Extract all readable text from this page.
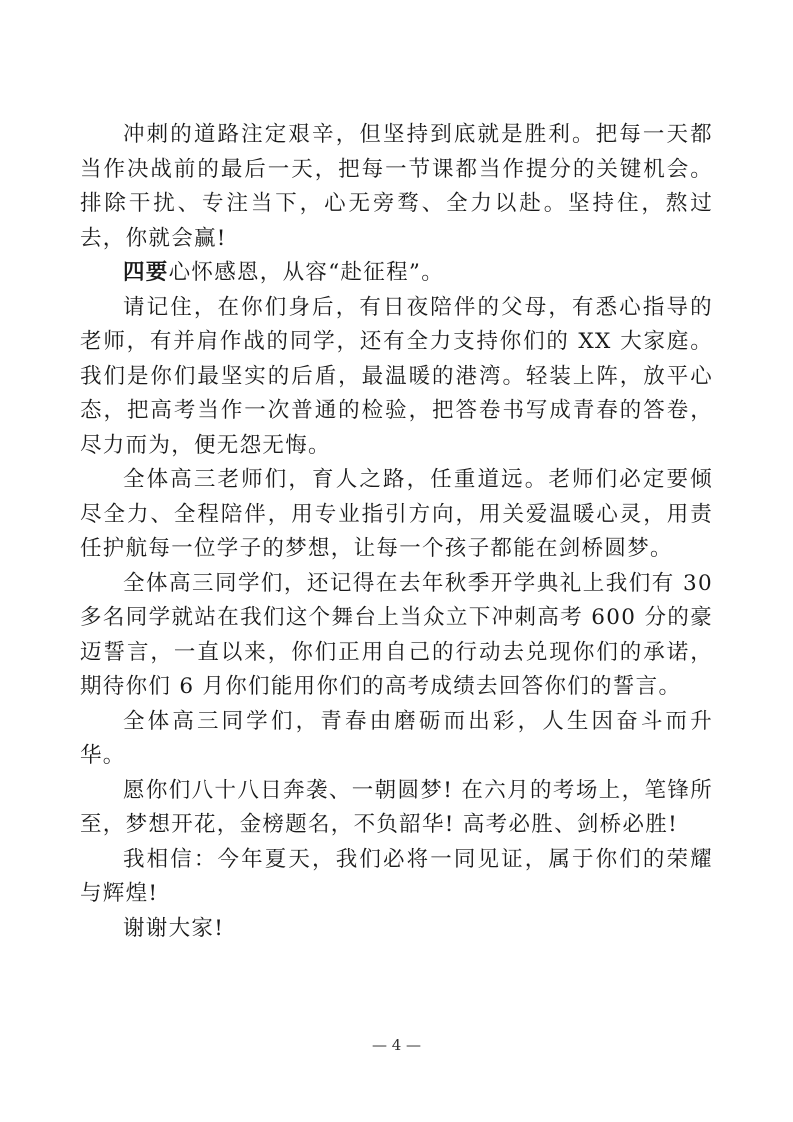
冲刺的道路注定艰辛，但坚持到底就是胜利。把每一天都当作决战前的最后一天，把每一节课都当作提分的关键机会。排除干扰、专注当下，心无旁骛、全力以赴。坚持住，熬过去，你就会赢!

四要心怀感恩，从容“赴征程”。

请记住，在你们身后，有日夜陪伴的父母，有悉心指导的老师，有并肩作战的同学，还有全力支持你们的 XX 大家庭。我们是你们最坚实的后盾，最温暖的港湾。轻装上阵，放平心态，把高考当作一次普通的检验，把答卷书写成青春的答卷，尽力而为，便无怨无悔。

全体高三老师们，育人之路，任重道远。老师们必定要倾尽全力、全程陪伴，用专业指引方向，用关爱温暖心灵，用责任护航每一位学子的梦想，让每一个孩子都能在剑桥圆梦。

全体高三同学们，还记得在去年秋季开学典礼上我们有 30 多名同学就站在我们这个舞台上当众立下冲刺高考 600 分的豪迈誓言，一直以来，你们正用自己的行动去兑现你们的承诺，期待你们 6 月你们能用你们的高考成绩去回答你们的誓言。

全体高三同学们，青春由磨砺而出彩，人生因奋斗而升华。

愿你们八十八日奔袭、一朝圆梦! 在六月的考场上，笔锋所至，梦想开花，金榜题名，不负韶华! 高考必胜、剑桥必胜!

我相信：今年夏天，我们必将一同见证，属于你们的荣耀与辉煌!

谢谢大家!

— 4 —
